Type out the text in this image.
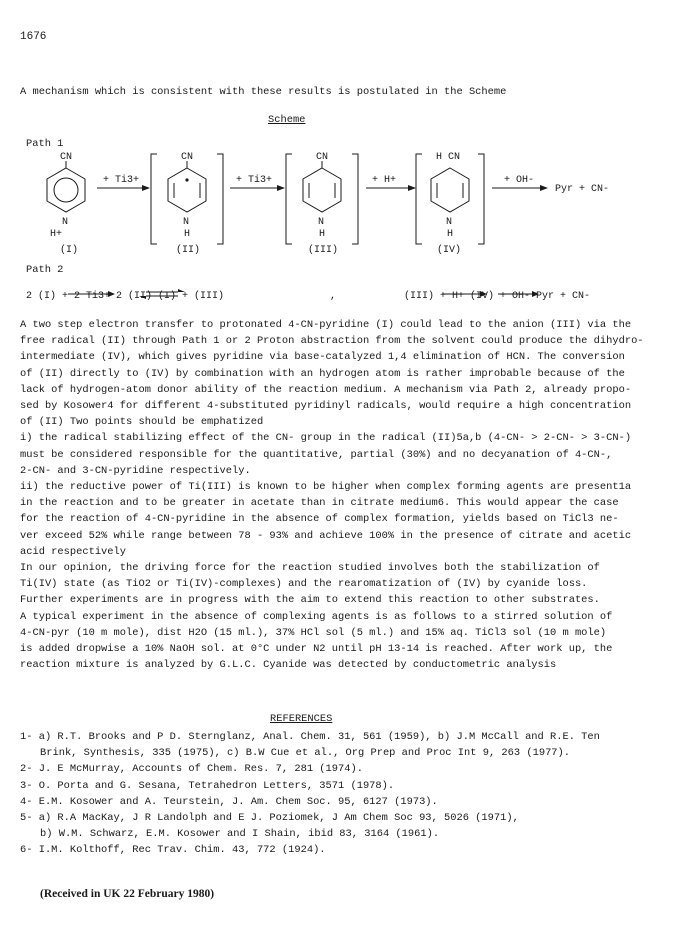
1676
A mechanism which is consistent with these results is postulated in the Scheme
Scheme
Path 1
Path 2
CN
N
H+
CN
N
H
CN
N
H
H CN
N
H
(I)	(II)	(III)	(IV)
+ Ti3+	+ Ti3+	+ H+	+ OH-
Pyr + CN-
2 (I) + 2 Ti3+ 2 (II) (I) + (III)	,	(III) + H+ (IV) + OH- Pyr + CN-

A two step electron transfer to protonated 4-CN-pyridine (I) could lead to the anion (III) via the

free radical (II) through Path 1 or 2 Proton abstraction from the solvent could produce the dihydro-

intermediate (IV), which gives pyridine via base-catalyzed 1,4 elimination of HCN. The conversion

of (II) directly to (IV) by combination with an hydrogen atom is rather improbable because of the

lack of hydrogen-atom donor ability of the reaction medium. A mechanism via Path 2, already propo-

sed by Kosower4 for different 4-substituted pyridinyl radicals, would require a high concentration

of (II) Two points should be emphatized

i) the radical stabilizing effect of the CN- group in the radical (II)5a,b (4-CN- > 2-CN- > 3-CN-)

must be considered responsible for the quantitative, partial (30%) and no decyanation of 4-CN-,

2-CN- and 3-CN-pyridine respectively.

ii) the reductive power of Ti(III) is known to be higher when complex forming agents are present1a

in the reaction and to be greater in acetate than in citrate medium6. This would appear the case

for the reaction of 4-CN-pyridine in the absence of complex formation, yields based on TiCl3 ne-

ver exceed 52% while range between 78 - 93% and achieve 100% in the presence of citrate and acetic

acid respectively

In our opinion, the driving force for the reaction studied involves both the stabilization of

Ti(IV) state (as TiO2 or Ti(IV)-complexes) and the rearomatization of (IV) by cyanide loss.

Further experiments are in progress with the aim to extend this reaction to other substrates.

A typical experiment in the absence of complexing agents is as follows to a stirred solution of

4-CN-pyr (10 m mole), dist H2O (15 ml.), 37% HCl sol (5 ml.) and 15% aq. TiCl3 sol (10 m mole)

is added dropwise a 10% NaOH sol. at 0°C under N2 until pH 13-14 is reached. After work up, the

reaction mixture is analyzed by G.L.C. Cyanide was detected by conductometric analysis

REFERENCES

1- a) R.T. Brooks and P D. Sternglanz, Anal. Chem. 31, 561 (1959), b) J.M McCall and R.E. Ten

Brink, Synthesis, 335 (1975), c) B.W Cue et al., Org Prep and Proc Int 9, 263 (1977).

2- J. E McMurray, Accounts of Chem. Res. 7, 281 (1974).

3- O. Porta and G. Sesana, Tetrahedron Letters, 3571 (1978).

4- E.M. Kosower and A. Teurstein, J. Am. Chem Soc. 95, 6127 (1973).

5- a) R.A MacKay, J R Landolph and E J. Poziomek, J Am Chem Soc 93, 5026 (1971),

b) W.M. Schwarz, E.M. Kosower and I Shain, ibid 83, 3164 (1961).

6- I.M. Kolthoff, Rec Trav. Chim. 43, 772 (1924).

(Received in UK 22 February 1980)
